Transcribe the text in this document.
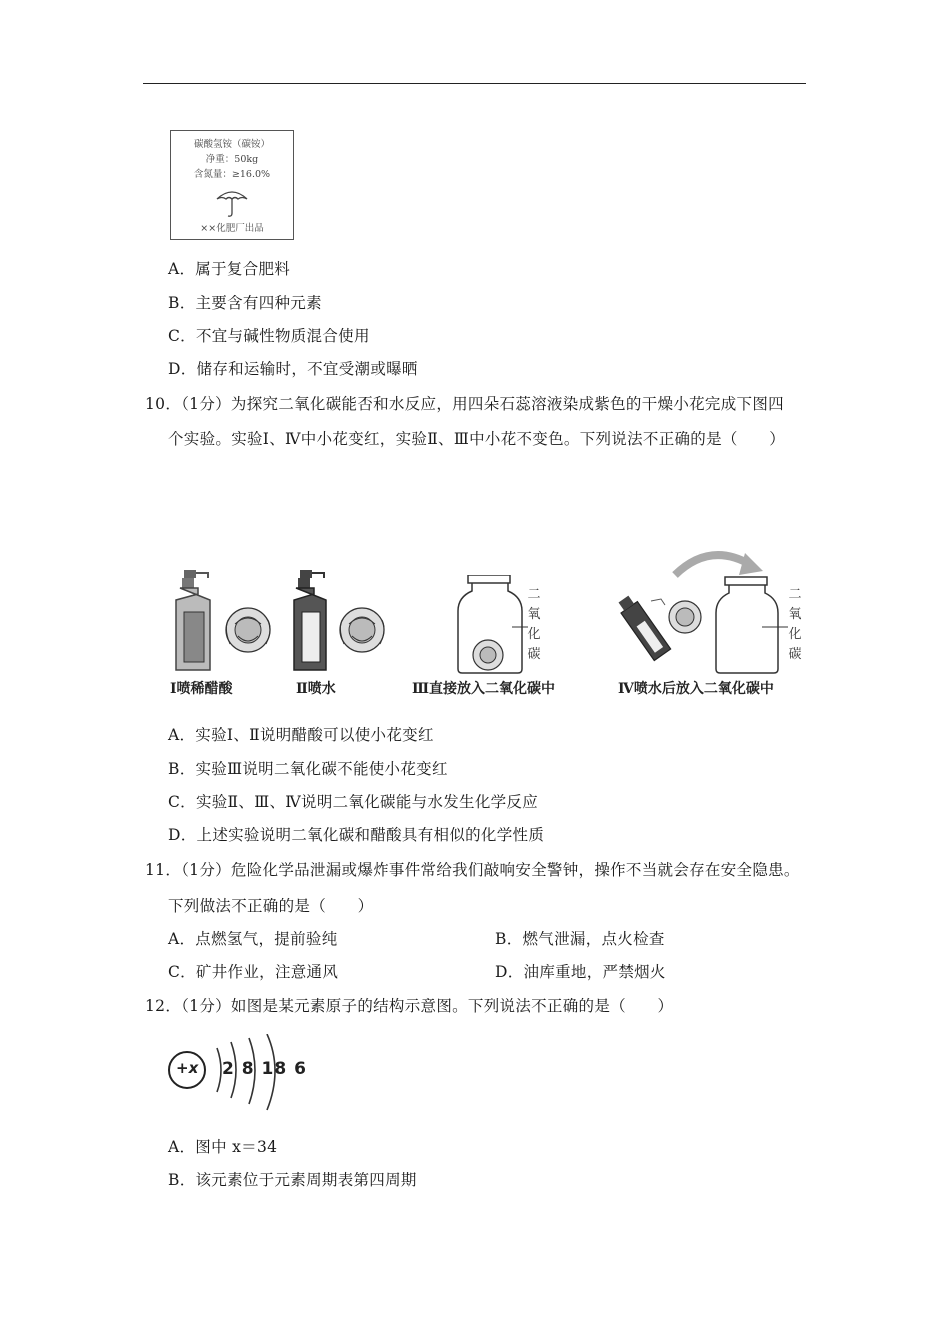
碳酸氢铵（碳铵）
净重：50kg
含氮量：≥16.0%
××化肥厂出品
A．属于复合肥料
B．主要含有四种元素
C．不宜与碱性物质混合使用
D．储存和运输时，不宜受潮或曝晒
10．（1分）为探究二氧化碳能否和水反应，用四朵石蕊溶液染成紫色的干燥小花完成下图四
个实验。实验Ⅰ、Ⅳ中小花变红，实验Ⅱ、Ⅲ中小花不变色。下列说法不正确的是（　　）
Ⅰ喷稀醋酸	Ⅱ喷水
二
氧
化
碳
Ⅲ直接放入二氧化碳中
二
氧
化
碳
Ⅳ喷水后放入二氧化碳中
A．实验Ⅰ、Ⅱ说明醋酸可以使小花变红
B．实验Ⅲ说明二氧化碳不能使小花变红
C．实验Ⅱ、Ⅲ、Ⅳ说明二氧化碳能与水发生化学反应
D．上述实验说明二氧化碳和醋酸具有相似的化学性质
11．（1分）危险化学品泄漏或爆炸事件常给我们敲响安全警钟，操作不当就会存在安全隐患。
下列做法不正确的是（　　）
A．点燃氢气，提前验纯	B．燃气泄漏，点火检查
C．矿井作业，注意通风	D．油库重地，严禁烟火
12．（1分）如图是某元素原子的结构示意图。下列说法不正确的是（　　）
+x 2 8 18 6
A．图中 x＝34
B．该元素位于元素周期表第四周期
